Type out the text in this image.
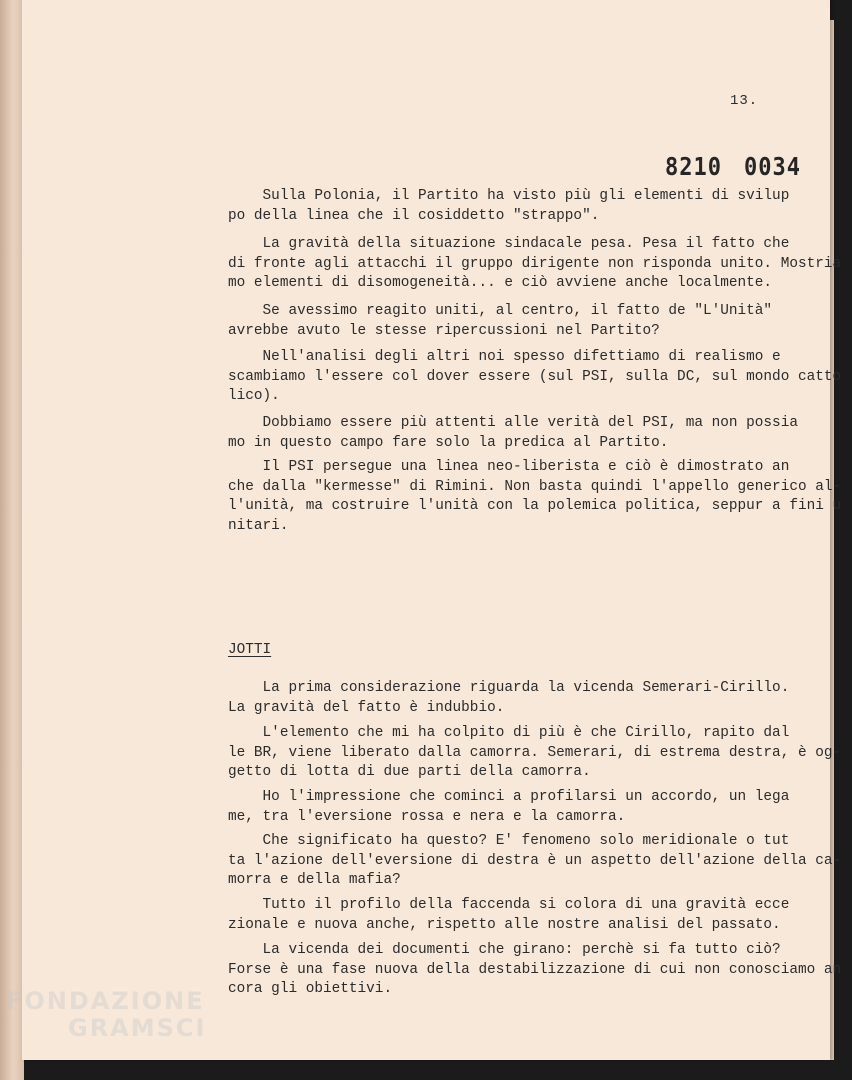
13.
8210 0034

Sulla Polonia, il Partito ha visto più gli elementi di svilup
po della linea che il cosiddetto "strappo".

La gravità della situazione sindacale pesa. Pesa il fatto che
di fronte agli attacchi il gruppo dirigente non risponda unito. Mostria
mo elementi di disomogeneità... e ciò avviene anche localmente.

Se avessimo reagito uniti, al centro, il fatto de "L'Unità"
avrebbe avuto le stesse ripercussioni nel Partito?

Nell'analisi degli altri noi spesso difettiamo di realismo e
scambiamo l'essere col dover essere (sul PSI, sulla DC, sul mondo catto
lico).

Dobbiamo essere più attenti alle verità del PSI, ma non possia
mo in questo campo fare solo la predica al Partito.

Il PSI persegue una linea neo-liberista e ciò è dimostrato an
che dalla "kermesse" di Rimini. Non basta quindi l'appello generico al-
l'unità, ma costruire l'unità con la polemica politica, seppur a fini u
nitari.

JOTTI

La prima considerazione riguarda la vicenda Semerari-Cirillo.
La gravità del fatto è indubbio.

L'elemento che mi ha colpito di più è che Cirillo, rapito dal
le BR, viene liberato dalla camorra. Semerari, di estrema destra, è og-
getto di lotta di due parti della camorra.

Ho l'impressione che cominci a profilarsi un accordo, un lega
me, tra l'eversione rossa e nera e la camorra.

Che significato ha questo? E' fenomeno solo meridionale o tut
ta l'azione dell'eversione di destra è un aspetto dell'azione della ca-
morra e della mafia?

Tutto il profilo della faccenda si colora di una gravità ecce
zionale e nuova anche, rispetto alle nostre analisi del passato.

La vicenda dei documenti che girano: perchè si fa tutto ciò?
Forse è una fase nuova della destabilizzazione di cui non conosciamo
cora gli obiettivi.

FONDAZIONE
GRAMSCI
